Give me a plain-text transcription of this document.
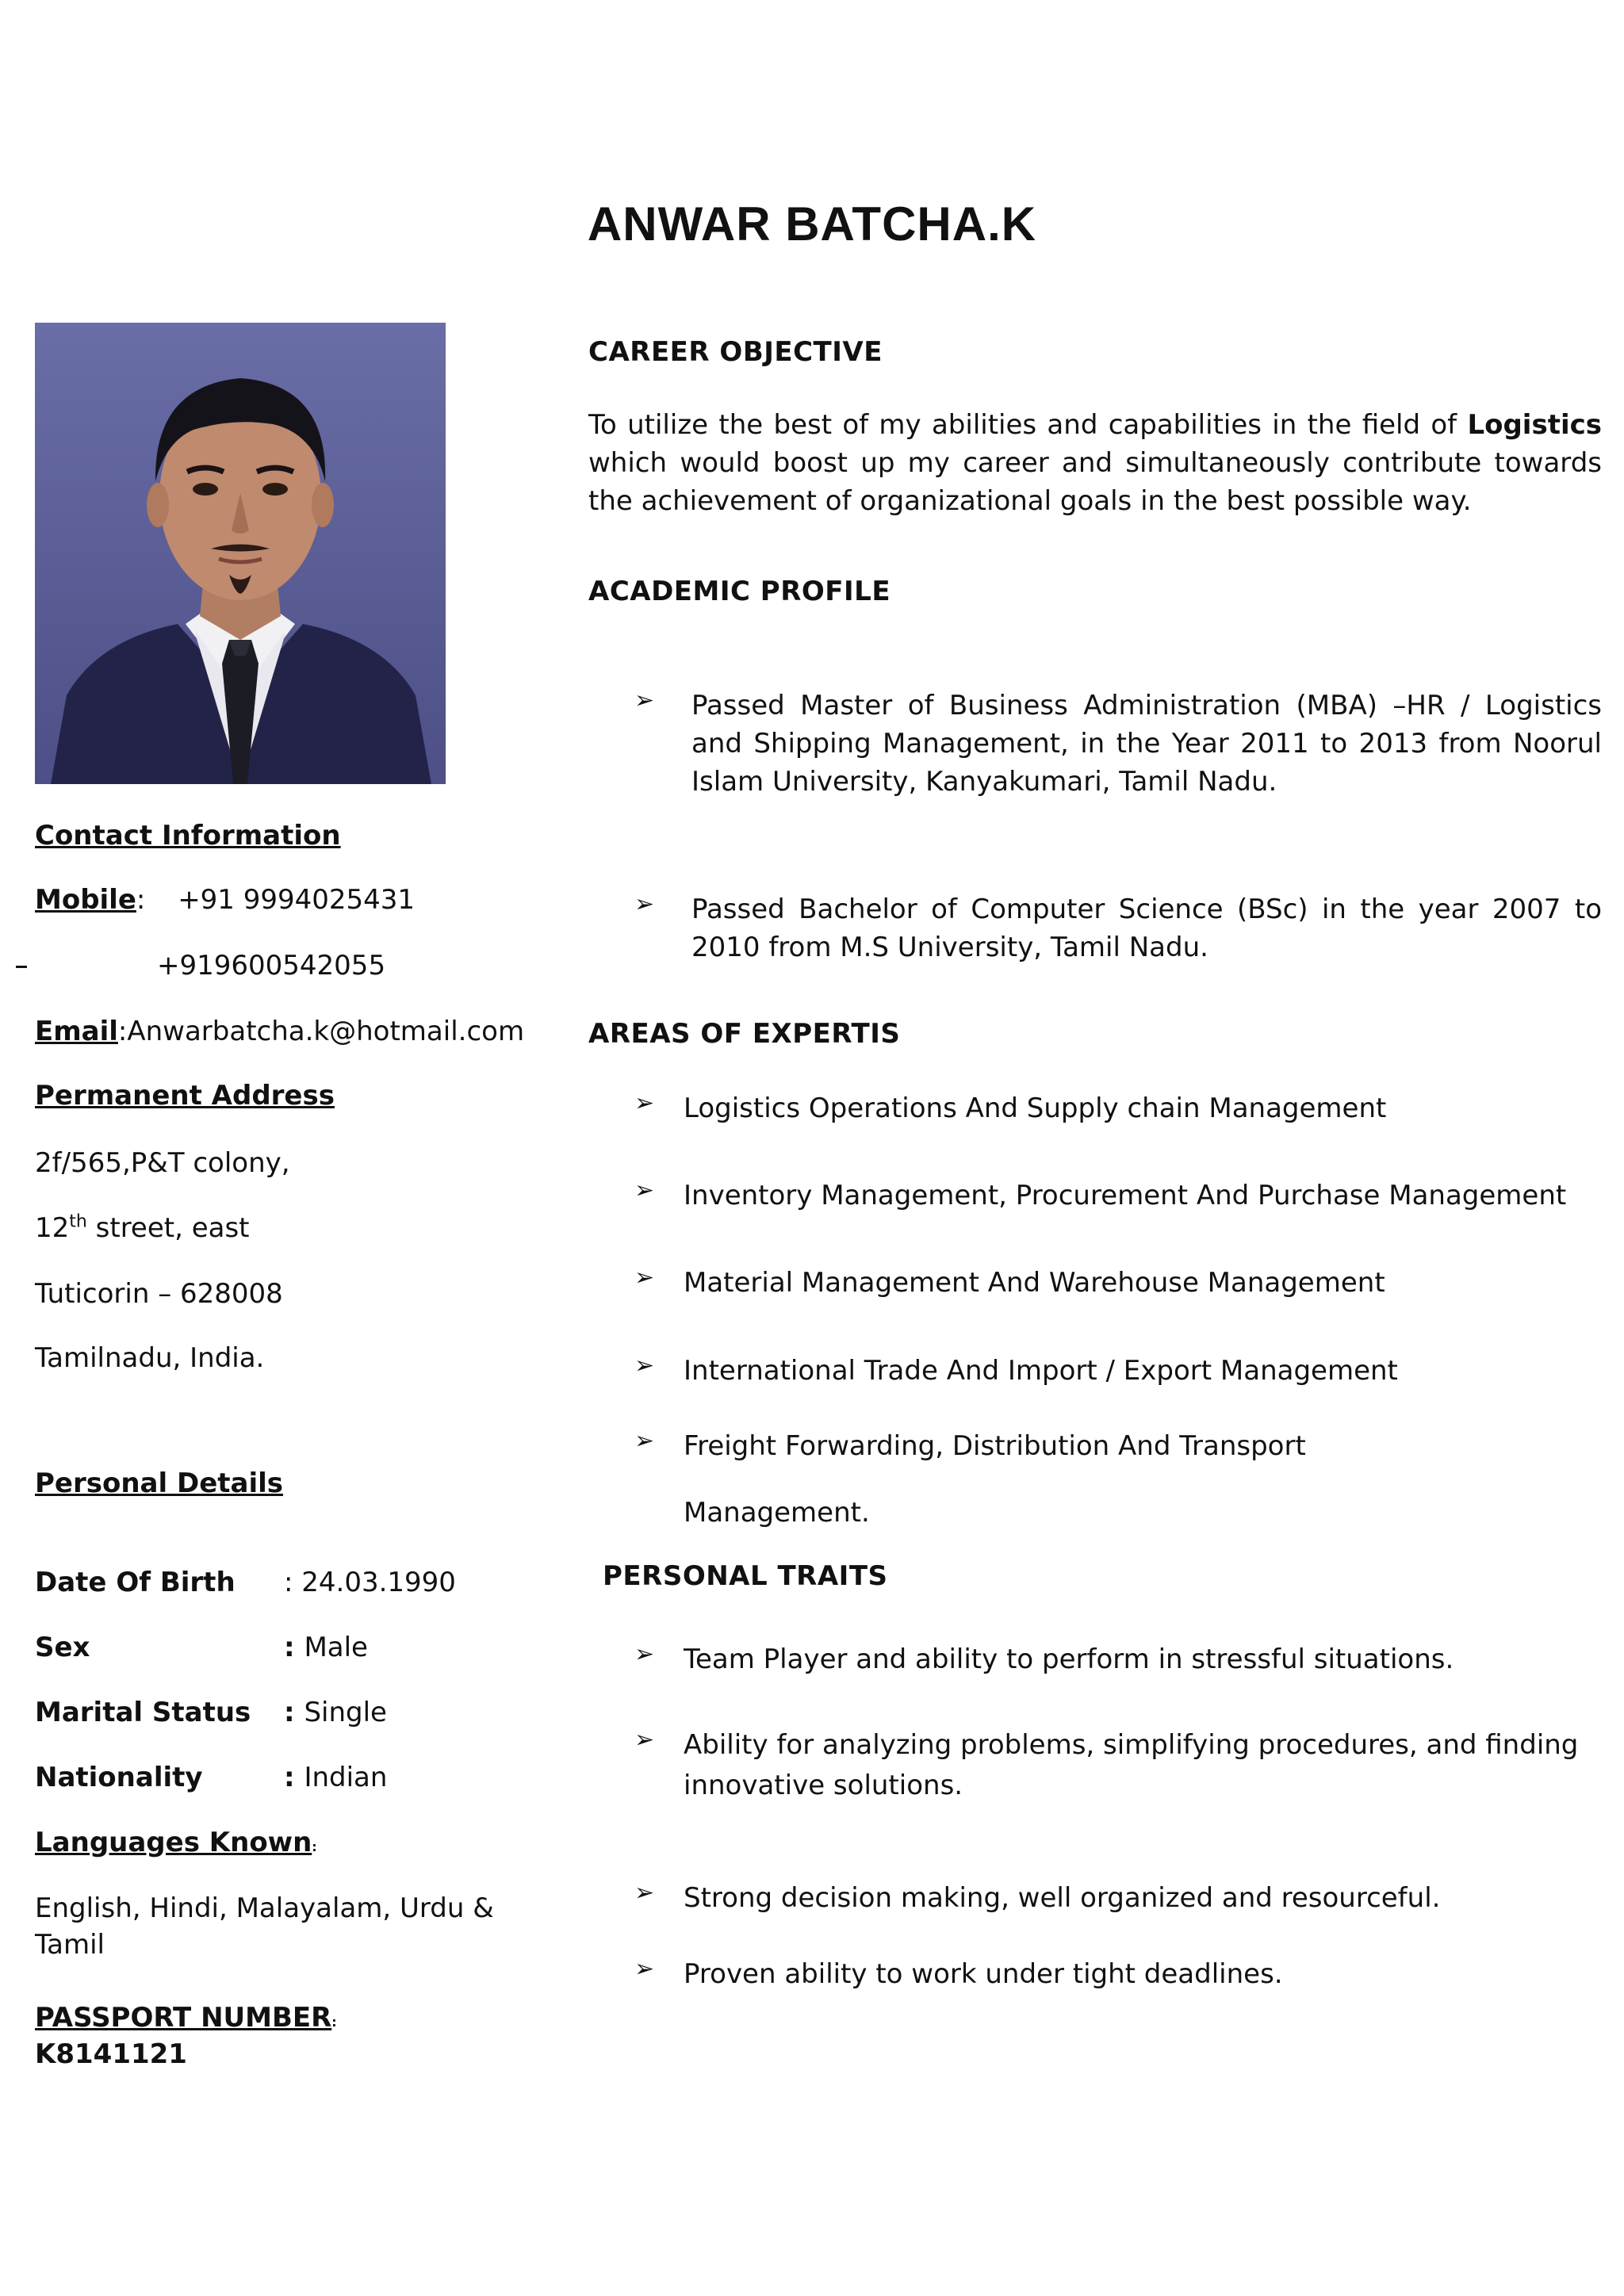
ANWAR BATCHA.K
Contact Information
Mobile: +91 9994025431
+919600542055
Email:Anwarbatcha.k@hotmail.com
Permanent Address
2f/565,P&T colony,
12th street, east
Tuticorin – 628008
Tamilnadu, India.
Personal Details
Date Of Birth : 24.03.1990
Sex	: Male
Marital Status : Single
Nationality	: Indian
Languages Known:
English, Hindi, Malayalam, Urdu & Tamil
PASSPORT NUMBER:
K8141121
CAREER OBJECTIVE
To utilize the best of my abilities and capabilities in the field of Logistics which would boost up my career and simultaneously contribute towards the achievement of organizational goals in the best possible way.
ACADEMIC PROFILE
➢ Passed Master of Business Administration (MBA) –HR / Logistics and Shipping Management, in the Year 2011 to 2013 from Noorul Islam University, Kanyakumari, Tamil Nadu.
➢ Passed Bachelor of Computer Science (BSc) in the year 2007 to 2010 from M.S University, Tamil Nadu.
AREAS OF EXPERTIS
➢ Logistics Operations And Supply chain Management
➢ Inventory Management, Procurement And Purchase Management
➢ Material Management And Warehouse Management
➢ International Trade And Import / Export Management
➢ Freight Forwarding, Distribution And Transport
Management.
PERSONAL TRAITS
➢ Team Player and ability to perform in stressful situations.
➢ Ability for analyzing problems, simplifying procedures, and finding
innovative solutions.
➢ Strong decision making, well organized and resourceful.
➢ Proven ability to work under tight deadlines.
